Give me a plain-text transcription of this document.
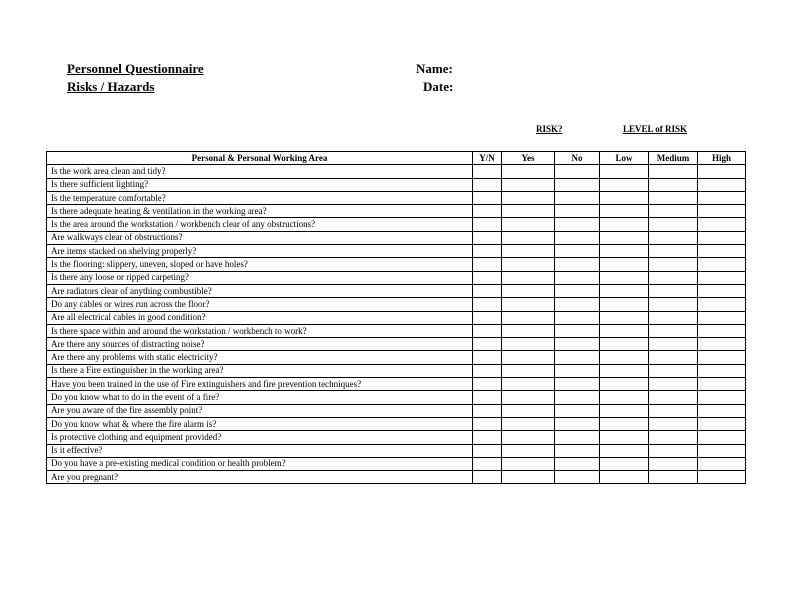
Personnel Questionnaire
Risks / Hazards
Name:
Date:
RISK?	LEVEL of RISK
Personal & Personal Working Area	Y/N	Yes	No	Low	Medium	High
Is the work area clean and tidy?						
Is there sufficient lighting?						
Is the temperature comfortable?						
Is there adequate heating & ventilation in the working area?						
Is the area around the workstation / workbench clear of any obstructions?						
Are walkways clear of obstructions?						
Are items stacked on shelving properly?						
Is the flooring: slippery, uneven, sloped or have holes?						
Is there any loose or ripped carpeting?						
Are radiators clear of anything combustible?						
Do any cables or wires run across the floor?						
Are all electrical cables in good condition?						
Is there space within and around the workstation / workbench to work?						
Are there any sources of distracting noise?						
Are there any problems with static electricity?						
Is there a Fire extinguisher in the working area?						
Have you been trained in the use of Fire extinguishers and fire prevention techniques?						
Do you know what to do in the event of a fire?						
Are you aware of the fire assembly point?						
Do you know what & where the fire alarm is?						
Is protective clothing and equipment provided?						
Is it effective?						
Do you have a pre-existing medical condition or health problem?						
Are you pregnant?						
